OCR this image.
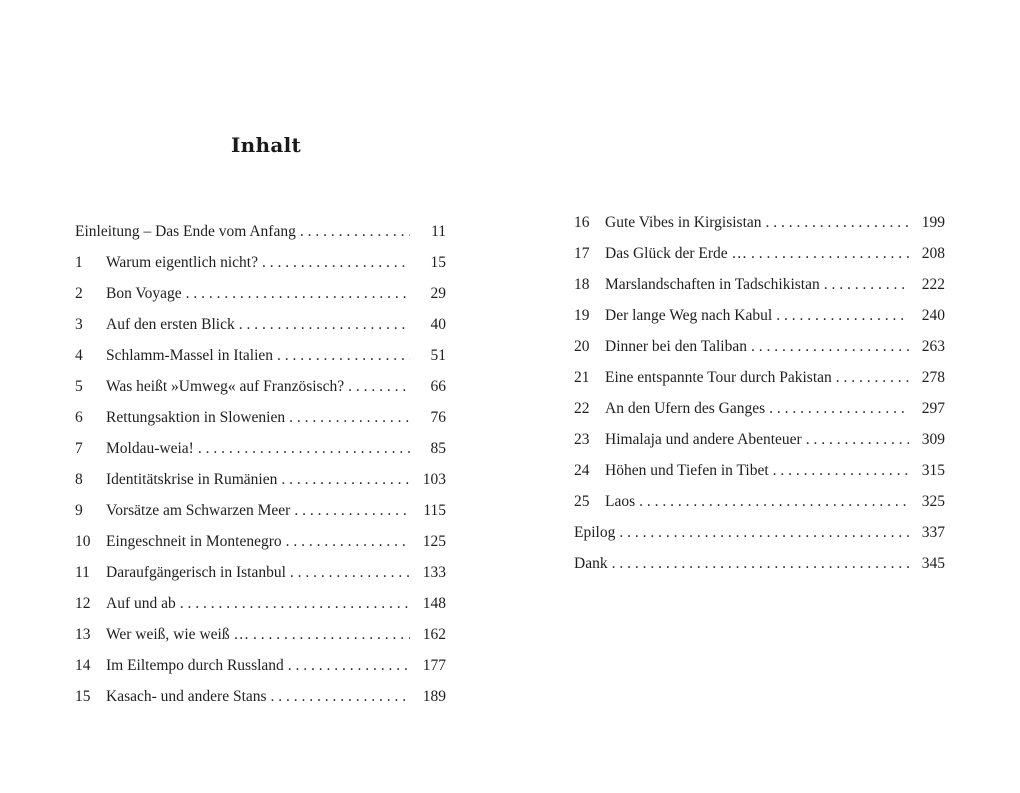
Inhalt
Einleitung – Das Ende vom Anfang . . .	11
1	Warum eigentlich nicht? . . .	15
2	Bon Voyage . . .	29
3	Auf den ersten Blick . . .	40
4	Schlamm-Massel in Italien . . .	51
5	Was heißt »Umweg« auf Französisch? . . .	66
6	Rettungsaktion in Slowenien . . .	76
7	Moldau-weia! . . .	85
8	Identitätskrise in Rumänien . . .	103
9	Vorsätze am Schwarzen Meer . . .	115
10	Eingeschneit in Montenegro . . .	125
11	Daraufgängerisch in Istanbul . . .	133
12	Auf und ab . . .	148
13	Wer weiß, wie weiß … . . .	162
14	Im Eiltempo durch Russland . . .	177
15	Kasach- und andere Stans . . .	189
16	Gute Vibes in Kirgisistan . . .	199
17	Das Glück der Erde … . . .	208
18	Marslandschaften in Tadschikistan . . .	222
19	Der lange Weg nach Kabul . . .	240
20	Dinner bei den Taliban . . .	263
21	Eine entspannte Tour durch Pakistan . . .	278
22	An den Ufern des Ganges . . .	297
23	Himalaja und andere Abenteuer . . .	309
24	Höhen und Tiefen in Tibet . . .	315
25	Laos . . .	325
Epilog . . .	337
Dank . . .	345
